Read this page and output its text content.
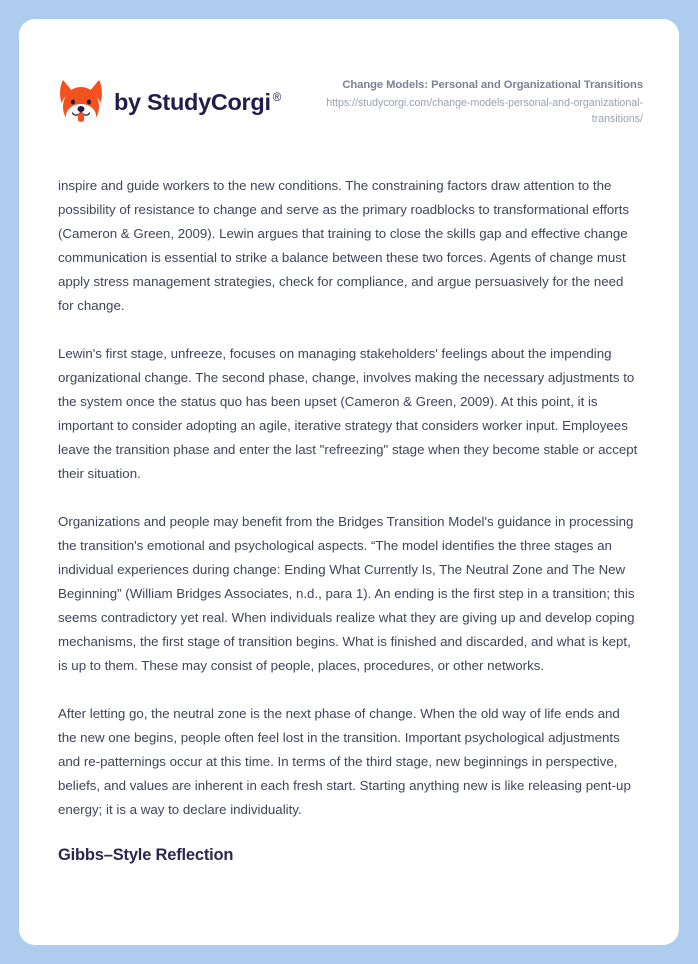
by StudyCorgi ®
Change Models: Personal and Organizational Transitions
https://studycorgi.com/change-models-personal-and-organizational-transitions/

inspire and guide workers to the new conditions. The constraining factors draw attention to the possibility of resistance to change and serve as the primary roadblocks to transformational efforts (Cameron & Green, 2009). Lewin argues that training to close the skills gap and effective change communication is essential to strike a balance between these two forces. Agents of change must apply stress management strategies, check for compliance, and argue persuasively for the need for change.

Lewin's first stage, unfreeze, focuses on managing stakeholders' feelings about the impending organizational change. The second phase, change, involves making the necessary adjustments to the system once the status quo has been upset (Cameron & Green, 2009). At this point, it is important to consider adopting an agile, iterative strategy that considers worker input. Employees leave the transition phase and enter the last "refreezing" stage when they become stable or accept their situation.

Organizations and people may benefit from the Bridges Transition Model's guidance in processing the transition's emotional and psychological aspects. “The model identifies the three stages an individual experiences during change: Ending What Currently Is, The Neutral Zone and The New Beginning” (William Bridges Associates, n.d., para 1). An ending is the first step in a transition; this seems contradictory yet real. When individuals realize what they are giving up and develop coping mechanisms, the first stage of transition begins. What is finished and discarded, and what is kept, is up to them. These may consist of people, places, procedures, or other networks.

After letting go, the neutral zone is the next phase of change. When the old way of life ends and the new one begins, people often feel lost in the transition. Important psychological adjustments and re-patternings occur at this time. In terms of the third stage, new beginnings in perspective, beliefs, and values are inherent in each fresh start. Starting anything new is like releasing pent-up energy; it is a way to declare individuality.

Gibbs–Style Reflection
